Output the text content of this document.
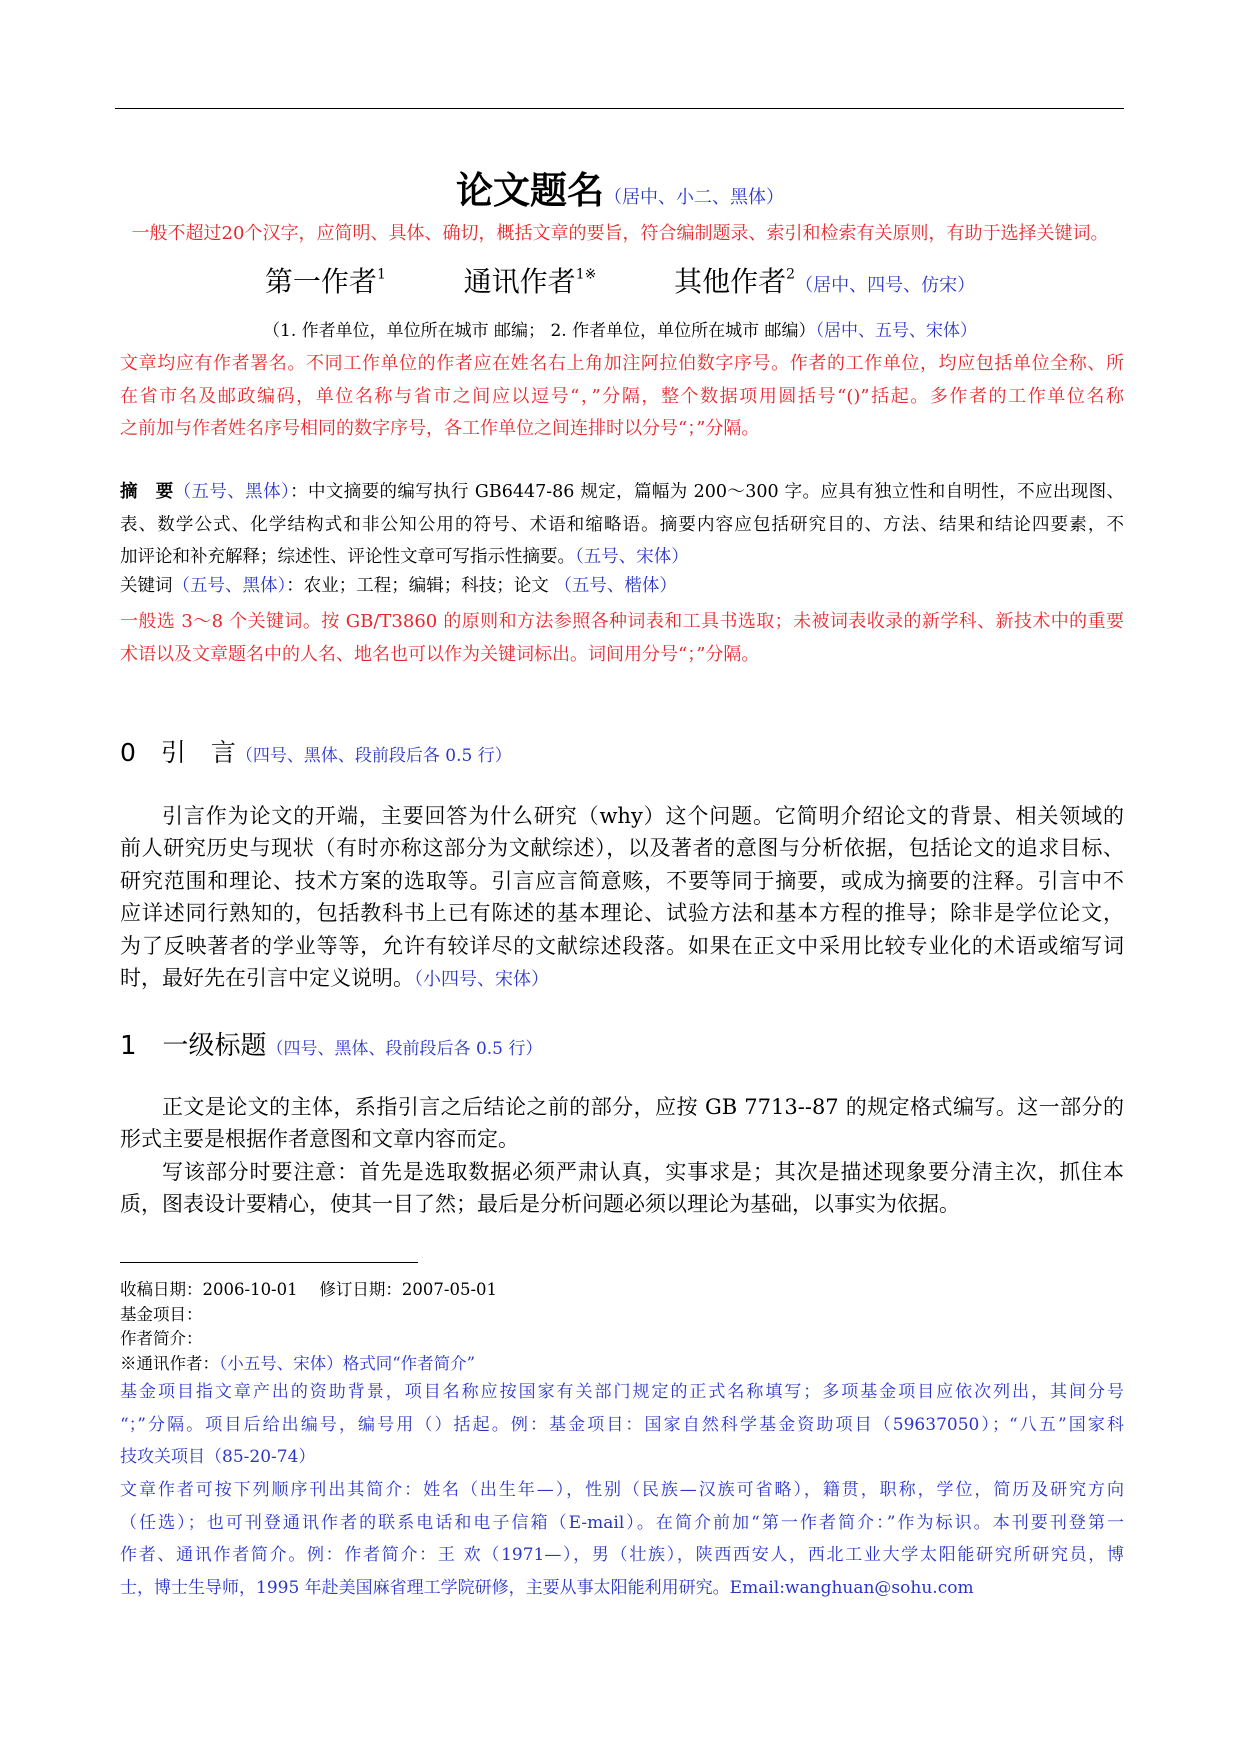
论文题名（居中、小二、黑体）
一般不超过20个汉字，应简明、具体、确切，概括文章的要旨，符合编制题录、索引和检索有关原则，有助于选择关键词。
第一作者$^1$	通讯作者$^{1※}$	其他作者$^2$（居中、四号、仿宋）
（1. 作者单位，单位所在城市 邮编； 2. 作者单位，单位所在城市 邮编）（居中、五号、宋体）
文章均应有作者署名。不同工作单位的作者应在姓名右上角加注阿拉伯数字序号。作者的工作单位，均应包括单位全称、所
在省市名及邮政编码，单位名称与省市之间应以逗号“，”分隔，整个数据项用圆括号“()”括起。多作者的工作单位名称
之前加与作者姓名序号相同的数字序号，各工作单位之间连排时以分号“；”分隔。
摘　要（五号、黑体）：中文摘要的编写执行 GB6447-86 规定，篇幅为 200～300 字。应具有独立性和自明性，不应出现图、
表、数学公式、化学结构式和非公知公用的符号、术语和缩略语。摘要内容应包括研究目的、方法、结果和结论四要素，不
加评论和补充解释；综述性、评论性文章可写指示性摘要。（五号、宋体）
关键词（五号、黑体）：农业；工程；编辑；科技；论文 （五号、楷体）
一般选 3～8 个关键词。按 GB/T3860 的原则和方法参照各种词表和工具书选取；未被词表收录的新学科、新技术中的重要
术语以及文章题名中的人名、地名也可以作为关键词标出。词间用分号“；”分隔。
0　引　言（四号、黑体、段前段后各 0.5 行）
引言作为论文的开端，主要回答为什么研究（why）这个问题。它简明介绍论文的背景、相关领域的
前人研究历史与现状（有时亦称这部分为文献综述），以及著者的意图与分析依据，包括论文的追求目标、
研究范围和理论、技术方案的选取等。引言应言简意赅，不要等同于摘要，或成为摘要的注释。引言中不
应详述同行熟知的，包括教科书上已有陈述的基本理论、试验方法和基本方程的推导；除非是学位论文，
为了反映著者的学业等等，允许有较详尽的文献综述段落。如果在正文中采用比较专业化的术语或缩写词
时，最好先在引言中定义说明。（小四号、宋体）
1　一级标题（四号、黑体、段前段后各 0.5 行）
正文是论文的主体，系指引言之后结论之前的部分，应按 GB 7713--87 的规定格式编写。这一部分的
形式主要是根据作者意图和文章内容而定。
写该部分时要注意：首先是选取数据必须严肃认真，实事求是；其次是描述现象要分清主次，抓住本
质，图表设计要精心，使其一目了然；最后是分析问题必须以理论为基础，以事实为依据。
收稿日期：2006-10-01　 修订日期：2007-05-01
基金项目：
作者简介：
※通讯作者：（小五号、宋体）格式同“作者简介”
基金项目指文章产出的资助背景，项目名称应按国家有关部门规定的正式名称填写；多项基金项目应依次列出，其间分号
“；”分隔。项目后给出编号，编号用（）括起。例：基金项目：国家自然科学基金资助项目（59637050）；“八五”国家科
技攻关项目（85-20-74）
文章作者可按下列顺序刊出其简介：姓名（出生年—），性别（民族—汉族可省略），籍贯，职称，学位，简历及研究方向
（任选）；也可刊登通讯作者的联系电话和电子信箱（E-mail）。在简介前加“第一作者简介：”作为标识。本刊要刊登第一
作者、通讯作者简介。例：作者简介：王 欢（1971—），男（壮族），陕西西安人，西北工业大学太阳能研究所研究员，博
士，博士生导师，1995 年赴美国麻省理工学院研修，主要从事太阳能利用研究。Email:wanghuan@sohu.com
